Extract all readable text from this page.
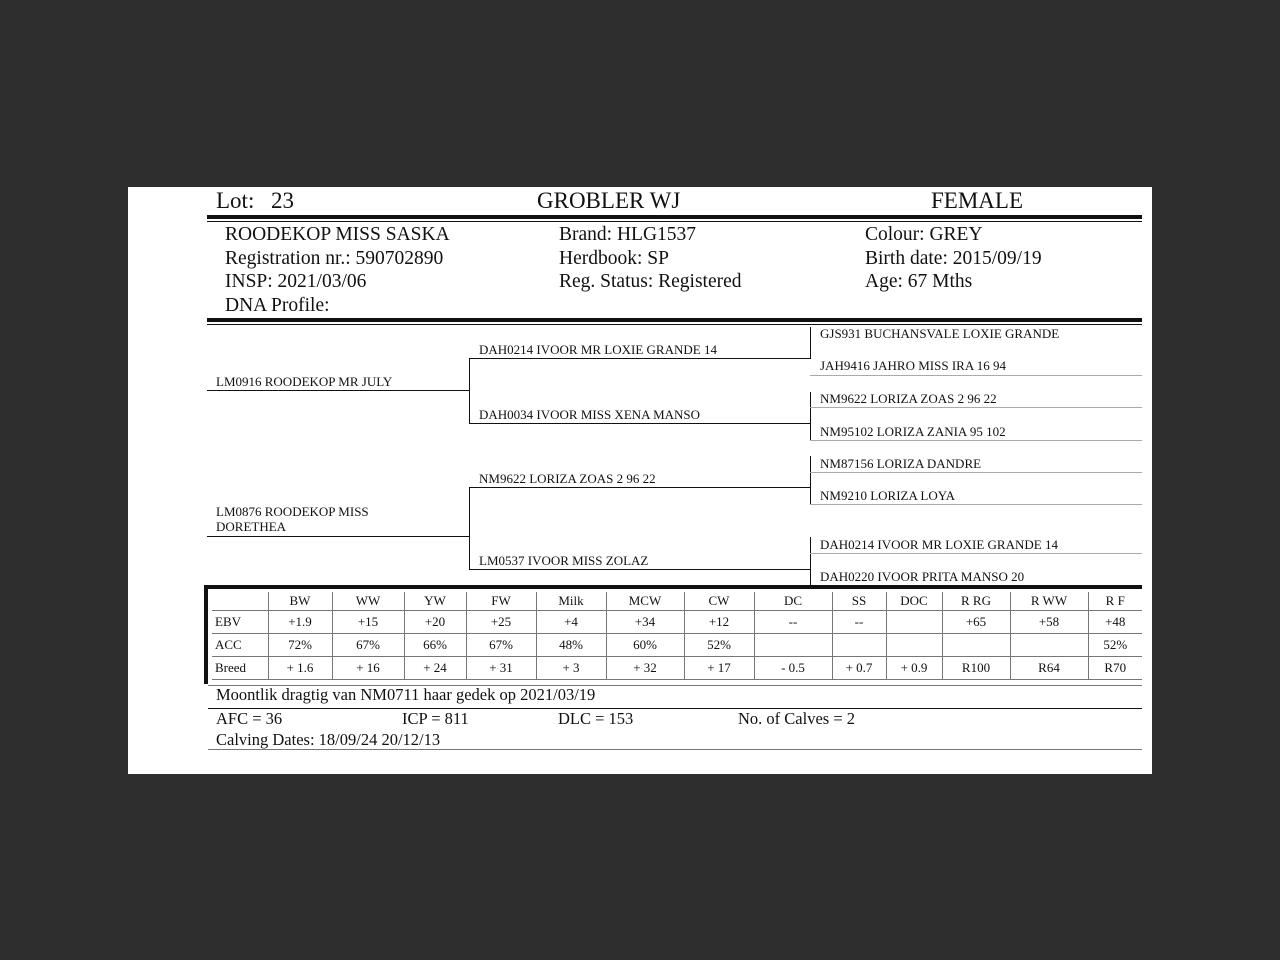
Lot: 23	GROBLER WJ	FEMALE
ROODEKOP MISS SASKA
Registration nr.: 590702890
INSP: 2021/03/06
DNA Profile:
Brand: HLG1537
Herdbook: SP
Reg. Status: Registered
Colour: GREY
Birth date: 2015/09/19
Age: 67 Mths
LM0916 ROODEKOP MR JULY
LM0876 ROODEKOP MISS
DORETHEA
DAH0214 IVOOR MR LOXIE GRANDE 14
DAH0034 IVOOR MISS XENA MANSO
NM9622 LORIZA ZOAS 2 96 22
LM0537 IVOOR MISS ZOLAZ
GJS931 BUCHANSVALE LOXIE GRANDE
JAH9416 JAHRO MISS IRA 16 94
NM9622 LORIZA ZOAS 2 96 22
NM95102 LORIZA ZANIA 95 102
NM87156 LORIZA DANDRE
NM9210 LORIZA LOYA
DAH0214 IVOOR MR LOXIE GRANDE 14
DAH0220 IVOOR PRITA MANSO 20
	BW	WW	YW	FW	Milk	MCW	CW	DC	SS	DOC	R RG	R WW	R F
EBV	+1.9	+15	+20	+25	+4	+34	+12	--	--		+65	+58	+48
ACC	72%	67%	66%	67%	48%	60%	52%						52%
Breed	+ 1.6	+ 16	+ 24	+ 31	+ 3	+ 32	+ 17	- 0.5	+ 0.7	+ 0.9	R100	R64	R70
Moontlik dragtig van NM0711 haar gedek op 2021/03/19
AFC = 36	ICP = 811	DLC = 153	No. of Calves = 2
Calving Dates: 18/09/24 20/12/13
